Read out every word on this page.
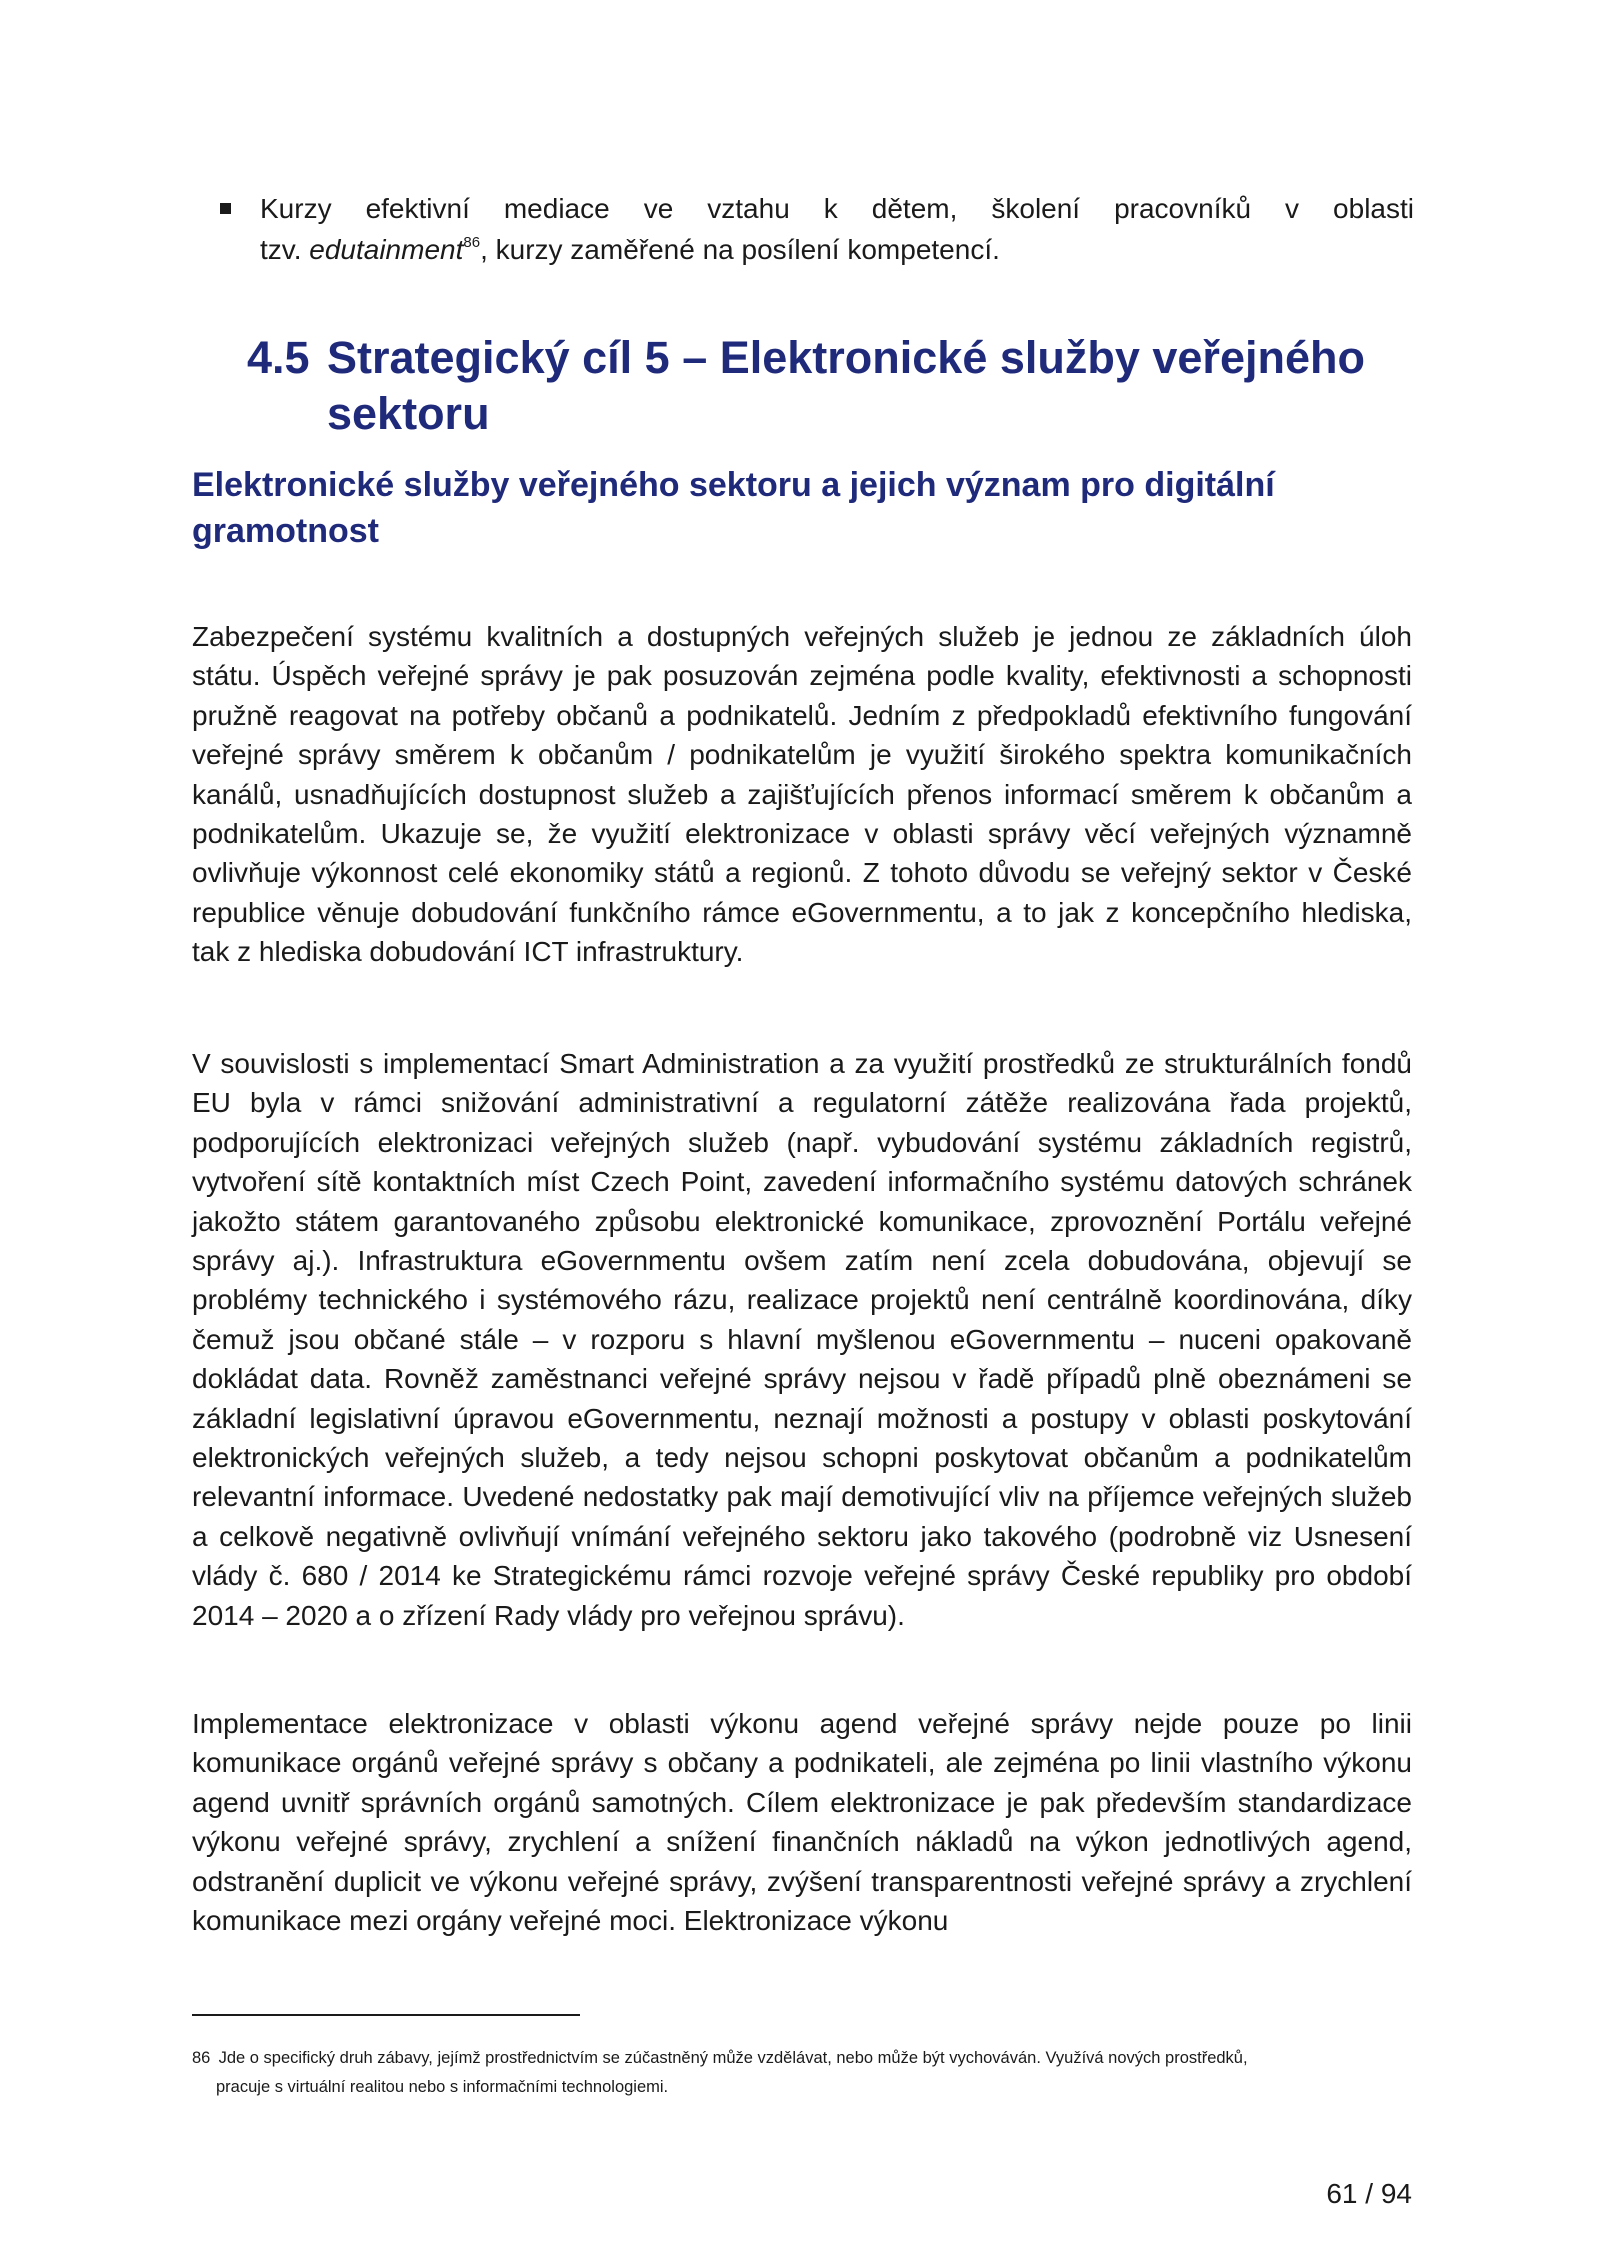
Kurzy efektivní mediace ve vztahu k dětem, školení pracovníků v oblasti
tzv. edutainment$^{86}$, kurzy zaměřené na posílení kompetencí.
4.5 Strategický cíl 5 – Elektronické služby veřejného
sektoru
Elektronické služby veřejného sektoru a jejich význam pro digitální gramotnost

Zabezpečení systému kvalitních a dostupných veřejných služeb je jednou ze základních úloh státu. Úspěch veřejné správy je pak posuzován zejména podle kvality, efektivnosti a schopnosti pružně reagovat na potřeby občanů a podnikatelů. Jedním z předpokladů efektivního fungování veřejné správy směrem k občanům / podnikatelům je využití širokého spektra komunikačních kanálů, usnadňujících dostupnost služeb a zajišťujících přenos informací směrem k občanům a podnikatelům. Ukazuje se, že využití elektronizace v oblasti správy věcí veřejných významně ovlivňuje výkonnost celé ekonomiky států a regionů. Z tohoto důvodu se veřejný sektor v České republice věnuje dobudování funkčního rámce eGovernmentu, a to jak z koncepčního hlediska, tak z hlediska dobudování ICT infrastruktury.

V souvislosti s implementací Smart Administration a za využití prostředků ze strukturálních fondů EU byla v rámci snižování administrativní a regulatorní zátěže realizována řada projektů, podporujících elektronizaci veřejných služeb (např. vybudování systému základních registrů, vytvoření sítě kontaktních míst Czech Point, zavedení informačního systému datových schránek jakožto státem garantovaného způsobu elektronické komunikace, zprovoznění Portálu veřejné správy aj.). Infrastruktura eGovernmentu ovšem zatím není zcela dobudována, objevují se problémy technického i systémového rázu, realizace projektů není centrálně koordinována, díky čemuž jsou občané stále – v rozporu s hlavní myšlenou eGovernmentu – nuceni opakovaně dokládat data. Rovněž zaměstnanci veřejné správy nejsou v řadě případů plně obeznámeni se základní legislativní úpravou eGovernmentu, neznají možnosti a postupy v oblasti poskytování elektronických veřejných služeb, a tedy nejsou schopni poskytovat občanům a podnikatelům relevantní informace. Uvedené nedostatky pak mají demotivující vliv na příjemce veřejných služeb a celkově negativně ovlivňují vnímání veřejného sektoru jako takového (podrobně viz Usnesení vlády č. 680 / 2014 ke Strategickému rámci rozvoje veřejné správy České republiky pro období 2014 – 2020 a o zřízení Rady vlády pro veřejnou správu).

Implementace elektronizace v oblasti výkonu agend veřejné správy nejde pouze po linii komunikace orgánů veřejné správy s občany a podnikateli, ale zejména po linii vlastního výkonu agend uvnitř správních orgánů samotných. Cílem elektronizace je pak především standardizace výkonu veřejné správy, zrychlení a snížení finančních nákladů na výkon jednotlivých agend, odstranění duplicit ve výkonu veřejné správy, zvýšení transparentnosti veřejné správy a zrychlení komunikace mezi orgány veřejné moci. Elektronizace výkonu

86 Jde o specifický druh zábavy, jejímž prostřednictvím se zúčastněný může vzdělávat, nebo může být vychováván. Využívá nových prostředků,
pracuje s virtuální realitou nebo s informačními technologiemi.
61 / 94
